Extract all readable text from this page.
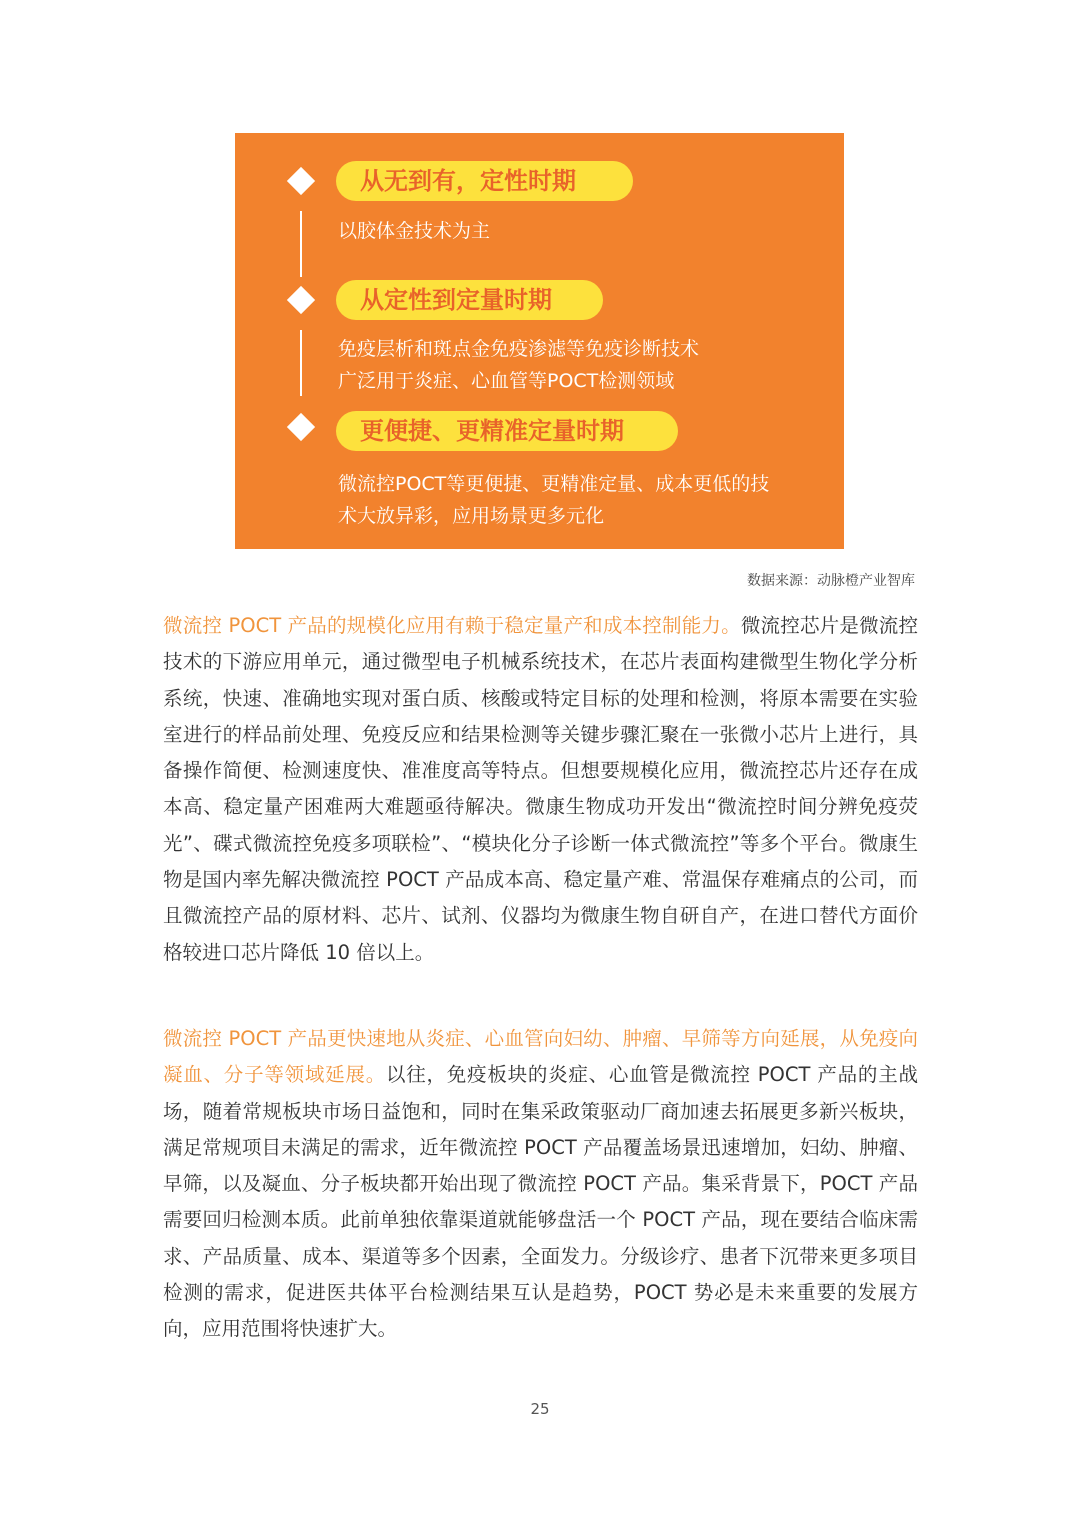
从无到有，定性时期
以胶体金技术为主
从定性到定量时期
免疫层析和斑点金免疫渗滤等免疫诊断技术
广泛用于炎症、心血管等POCT检测领域
更便捷、更精准定量时期
微流控POCT等更便捷、更精准定量、成本更低的技
术大放异彩，应用场景更多元化
数据来源：动脉橙产业智库
微流控 POCT 产品的规模化应用有赖于稳定量产和成本控制能力。微流控芯片是微流控技术的下游应用单元，通过微型电子机械系统技术，在芯片表面构建微型生物化学分析系统，快速、准确地实现对蛋白质、核酸或特定目标的处理和检测，将原本需要在实验室进行的样品前处理、免疫反应和结果检测等关键步骤汇聚在一张微小芯片上进行，具备操作简便、检测速度快、准准度高等特点。但想要规模化应用，微流控芯片还存在成本高、稳定量产困难两大难题亟待解决。微康生物成功开发出“微流控时间分辨免疫荧光”、碟式微流控免疫多项联检”、“模块化分子诊断一体式微流控”等多个平台。微康生物是国内率先解决微流控 POCT 产品成本高、稳定量产难、常温保存难痛点的公司，而且微流控产品的原材料、芯片、试剂、仪器均为微康生物自研自产，在进口替代方面价格较进口芯片降低 10 倍以上。
微流控 POCT 产品更快速地从炎症、心血管向妇幼、肿瘤、早筛等方向延展，从免疫向凝血、分子等领域延展。以往，免疫板块的炎症、心血管是微流控 POCT 产品的主战场，随着常规板块市场日益饱和，同时在集采政策驱动厂商加速去拓展更多新兴板块，满足常规项目未满足的需求，近年微流控 POCT 产品覆盖场景迅速增加，妇幼、肿瘤、早筛，以及凝血、分子板块都开始出现了微流控 POCT 产品。集采背景下，POCT 产品需要回归检测本质。此前单独依靠渠道就能够盘活一个 POCT 产品，现在要结合临床需求、产品质量、成本、渠道等多个因素，全面发力。分级诊疗、患者下沉带来更多项目检测的需求，促进医共体平台检测结果互认是趋势，POCT 势必是未来重要的发展方向，应用范围将快速扩大。
25
